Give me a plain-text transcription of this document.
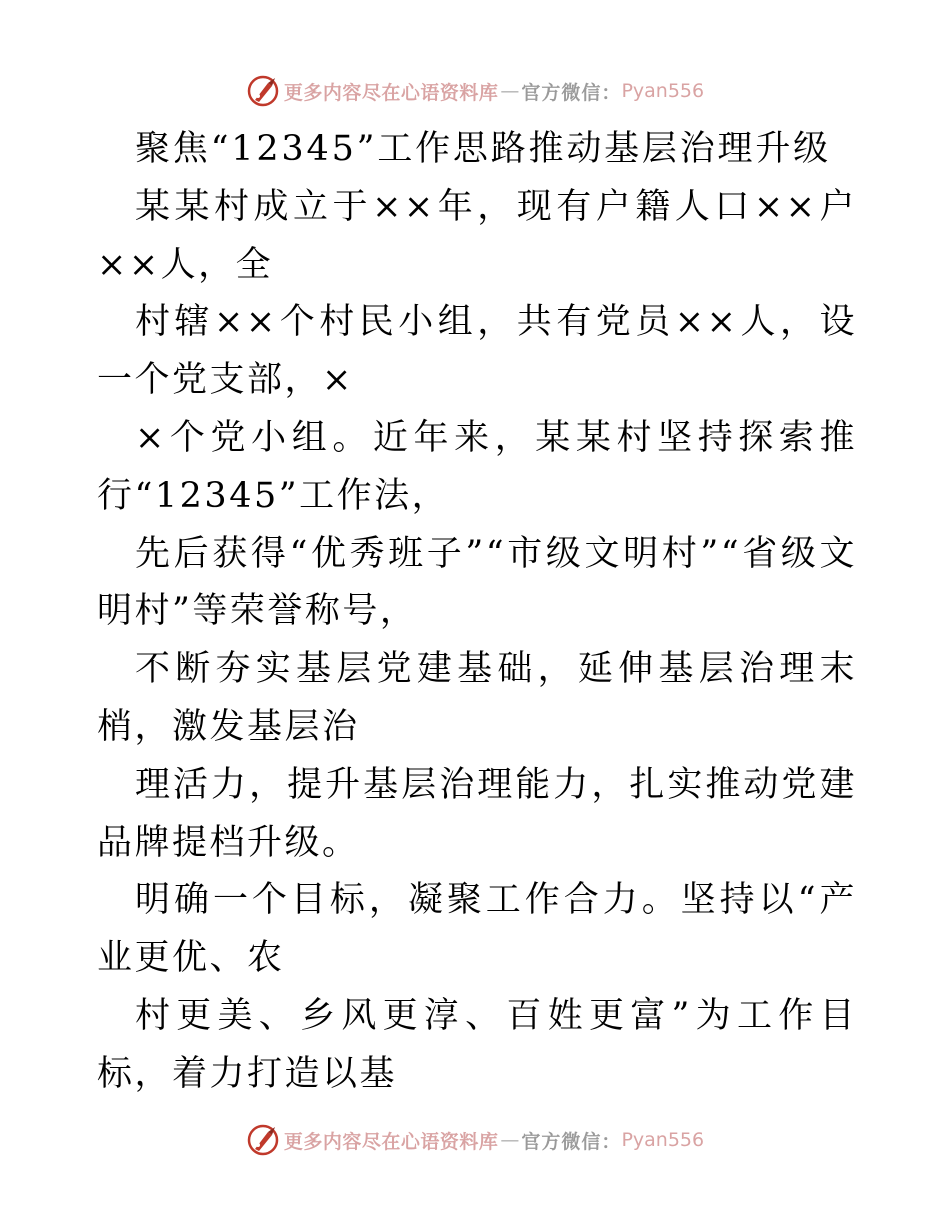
更多内容尽在心语资料库 — 官方微信： Pyan556

聚焦“12345”工作思路推动基层治理升级

某某村成立于××年，现有户籍人口××户××人，全

村辖××个村民小组，共有党员××人，设一个党支部，×

×个党小组。近年来，某某村坚持探索推行“12345”工作法，

先后获得“优秀班子”“市级文明村”“省级文明村”等荣誉称号，

不断夯实基层党建基础，延伸基层治理末梢，激发基层治

理活力，提升基层治理能力，扎实推动党建品牌提档升级。

明确一个目标，凝聚工作合力。坚持以“产业更优、农

村更美、乡风更淳、百姓更富”为工作目标，着力打造以基

更多内容尽在心语资料库 — 官方微信： Pyan556
